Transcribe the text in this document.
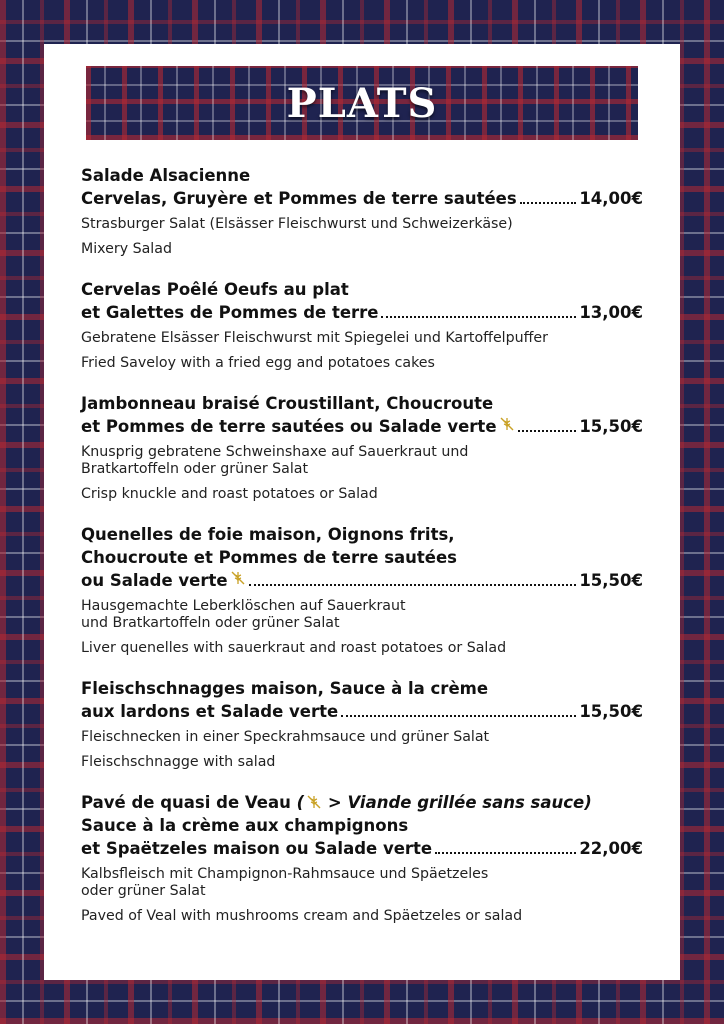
PLATS

Salade Alsacienne

Cervelas, Gruyère et Pommes de terre sautées	14,00€

Strasburger Salat (Elsässer Fleischwurst und Schweizerkäse)

Mixery Salad

Cervelas Poêlé Oeufs au plat

et Galettes de Pommes de terre	13,00€

Gebratene Elsässer Fleischwurst mit Spiegelei und Kartoffelpuffer

Fried Saveloy with a fried egg and potatoes cakes

Jambonneau braisé Croustillant, Choucroute

et Pommes de terre sautées ou Salade verte	15,50€

Knusprig gebratene Schweinshaxe auf Sauerkraut und
Bratkartoffeln oder grüner Salat

Crisp knuckle and roast potatoes or Salad

Quenelles de foie maison, Oignons frits,

Choucroute et Pommes de terre sautées

ou Salade verte	15,50€

Hausgemachte Leberklöschen auf Sauerkraut
und Bratkartoffeln oder grüner Salat

Liver quenelles with sauerkraut and roast potatoes or Salad

Fleischschnagges maison, Sauce à la crème

aux lardons et Salade verte	15,50€

Fleischnecken in einer Speckrahmsauce und grüner Salat

Fleischschnagge with salad

Pavé de quasi de Veau ( > Viande grillée sans sauce)

Sauce à la crème aux champignons

et Spaëtzeles maison ou Salade verte	22,00€

Kalbsfleisch mit Champignon-Rahmsauce und Späetzeles
oder grüner Salat

Paved of Veal with mushrooms cream and Späetzeles or salad
